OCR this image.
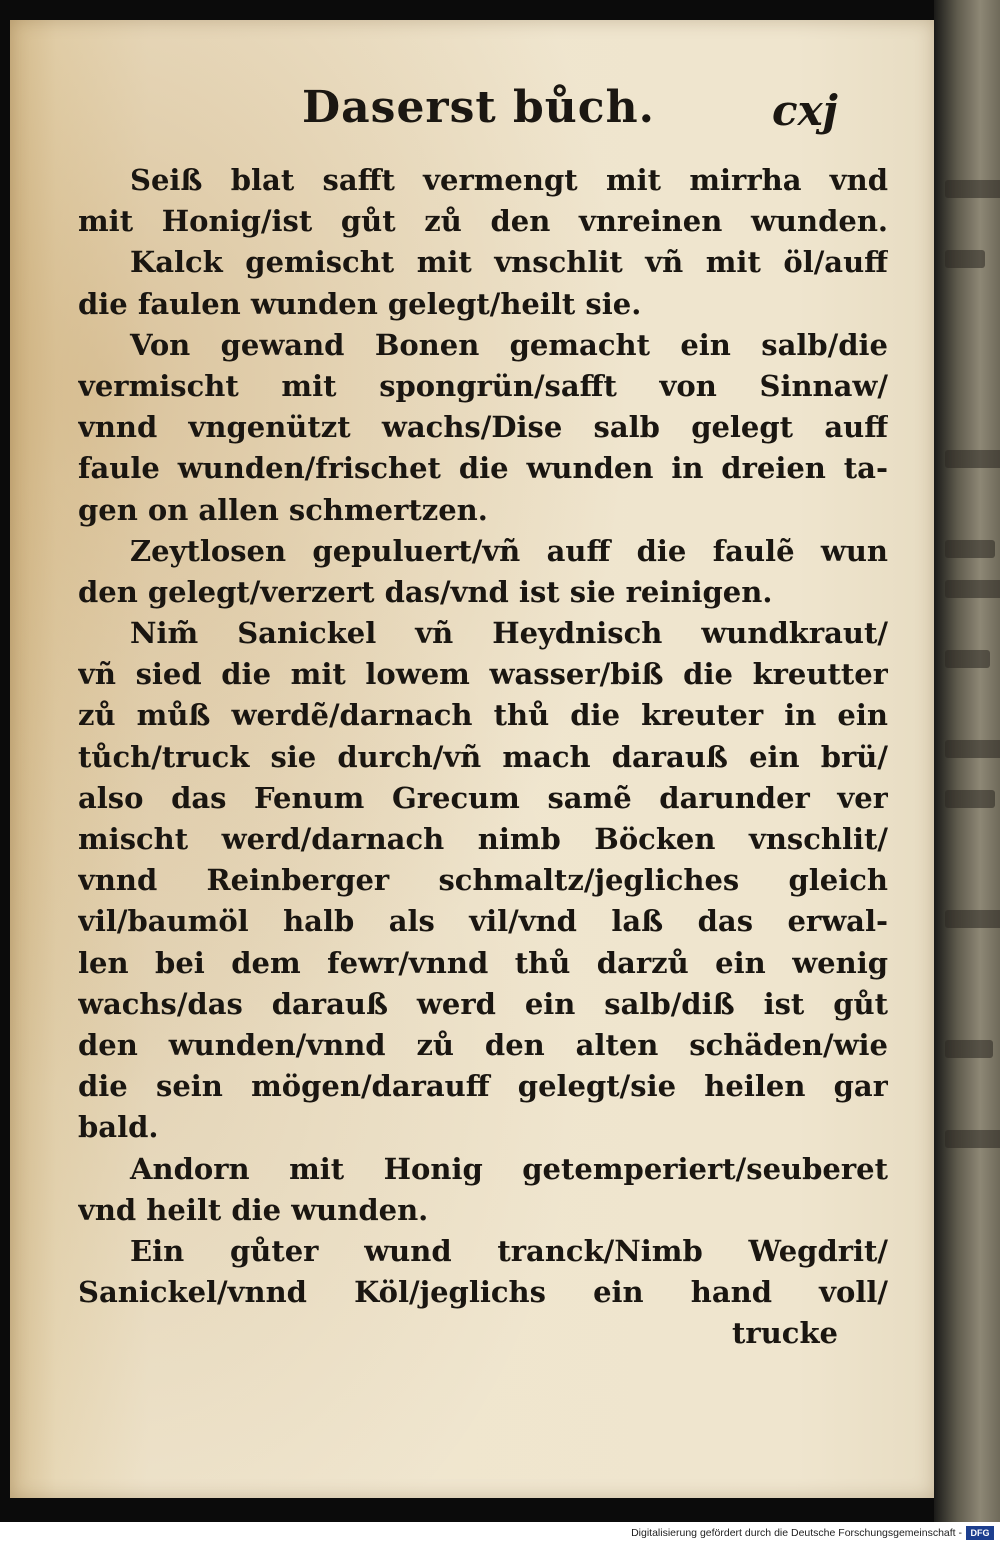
Daserst bůch.	cxj
Seiß blat safft vermengt mit mirrha vnd
mit Honig/ist gůt zů den vnreinen wunden.
Kalck gemischt mit vnschlit vñ mit öl/auff
die faulen wunden gelegt/heilt sie.
Von gewand Bonen gemacht ein salb/die
vermischt mit spongrün/safft von Sinnaw/
vnnd vngenützt wachs/Dise salb gelegt auff
faule wunden/frischet die wunden in dreien ta-
gen on allen schmertzen.
Zeytlosen gepuluert/vñ auff die faulẽ wun
den gelegt/verzert das/vnd ist sie reinigen.
Nim̃ Sanickel vñ Heydnisch wundkraut/
vñ sied die mit lowem wasser/biß die kreutter
zů můß werdẽ/darnach thů die kreuter in ein
tůch/truck sie durch/vñ mach darauß ein brü/
also das Fenum Grecum samẽ darunder ver
mischt werd/darnach nimb Böcken vnschlit/
vnnd Reinberger schmaltz/jegliches gleich
vil/baumöl halb als vil/vnd laß das erwal-
len bei dem fewr/vnnd thů darzů ein wenig
wachs/das darauß werd ein salb/diß ist gůt
den wunden/vnnd zů den alten schäden/wie
die sein mögen/darauff gelegt/sie heilen gar
bald.
Andorn mit Honig getemperiert/seuberet
vnd heilt die wunden.
Ein gůter wund tranck/Nimb Wegdrit/
Sanickel/vnnd Köl/jeglichs ein hand voll/
trucke
Digitalisierung gefördert durch die Deutsche Forschungsgemeinschaft - DFG
